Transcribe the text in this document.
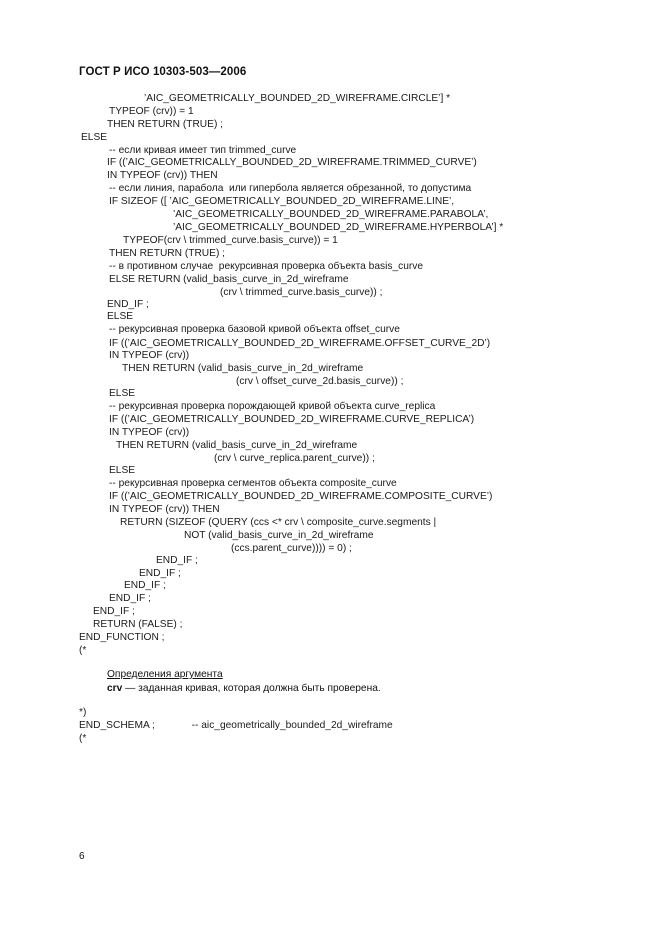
ГОСТ Р ИСО 10303-503—2006
’AIC_GEOMETRICALLY_BOUNDED_2D_WIREFRAME.CIRCLE’] *
TYPEOF (crv)) = 1
THEN RETURN (TRUE) ;
ELSE
-- если кривая имеет тип trimmed_curve
IF ((’AIC_GEOMETRICALLY_BOUNDED_2D_WIREFRAME.TRIMMED_CURVE’)
IN TYPEOF (crv)) THEN
-- если линия, парабола  или гипербола является обрезанной, то допустима
IF SIZEOF ([ ’AIC_GEOMETRICALLY_BOUNDED_2D_WIREFRAME.LINE’,
’AIC_GEOMETRICALLY_BOUNDED_2D_WIREFRAME.PARABOLA’,
’AIC_GEOMETRICALLY_BOUNDED_2D_WIREFRAME.HYPERBOLA’] *
TYPEOF(crv \ trimmed_curve.basis_curve)) = 1
THEN RETURN (TRUE) ;
-- в противном случае  рекурсивная проверка объекта basis_curve
ELSE RETURN (valid_basis_curve_in_2d_wireframe
(crv \ trimmed_curve.basis_curve)) ;
END_IF ;
ELSE
-- рекурсивная проверка базовой кривой объекта offset_curve
IF ((’AIC_GEOMETRICALLY_BOUNDED_2D_WIREFRAME.OFFSET_CURVE_2D’)
IN TYPEOF (crv))
THEN RETURN (valid_basis_curve_in_2d_wireframe
(crv \ offset_curve_2d.basis_curve)) ;
ELSE
-- рекурсивная проверка порождающей кривой объекта curve_replica
IF ((’AIC_GEOMETRICALLY_BOUNDED_2D_WIREFRAME.CURVE_REPLICA’)
IN TYPEOF (crv))
THEN RETURN (valid_basis_curve_in_2d_wireframe
(crv \ curve_replica.parent_curve)) ;
ELSE
-- рекурсивная проверка сегментов объекта composite_curve
IF ((’AIC_GEOMETRICALLY_BOUNDED_2D_WIREFRAME.COMPOSITE_CURVE’)
IN TYPEOF (crv)) THEN
RETURN (SIZEOF (QUERY (ccs <* crv \ composite_curve.segments |
NOT (valid_basis_curve_in_2d_wireframe
(ccs.parent_curve)))) = 0) ;
END_IF ;
END_IF ;
END_IF ;
END_IF ;
END_IF ;
RETURN (FALSE) ;
END_FUNCTION ;
(*
Определения аргумента
crv — заданная кривая, которая должна быть проверена.
*)
END_SCHEMA ;             -- aic_geometrically_bounded_2d_wireframe
(*
6
